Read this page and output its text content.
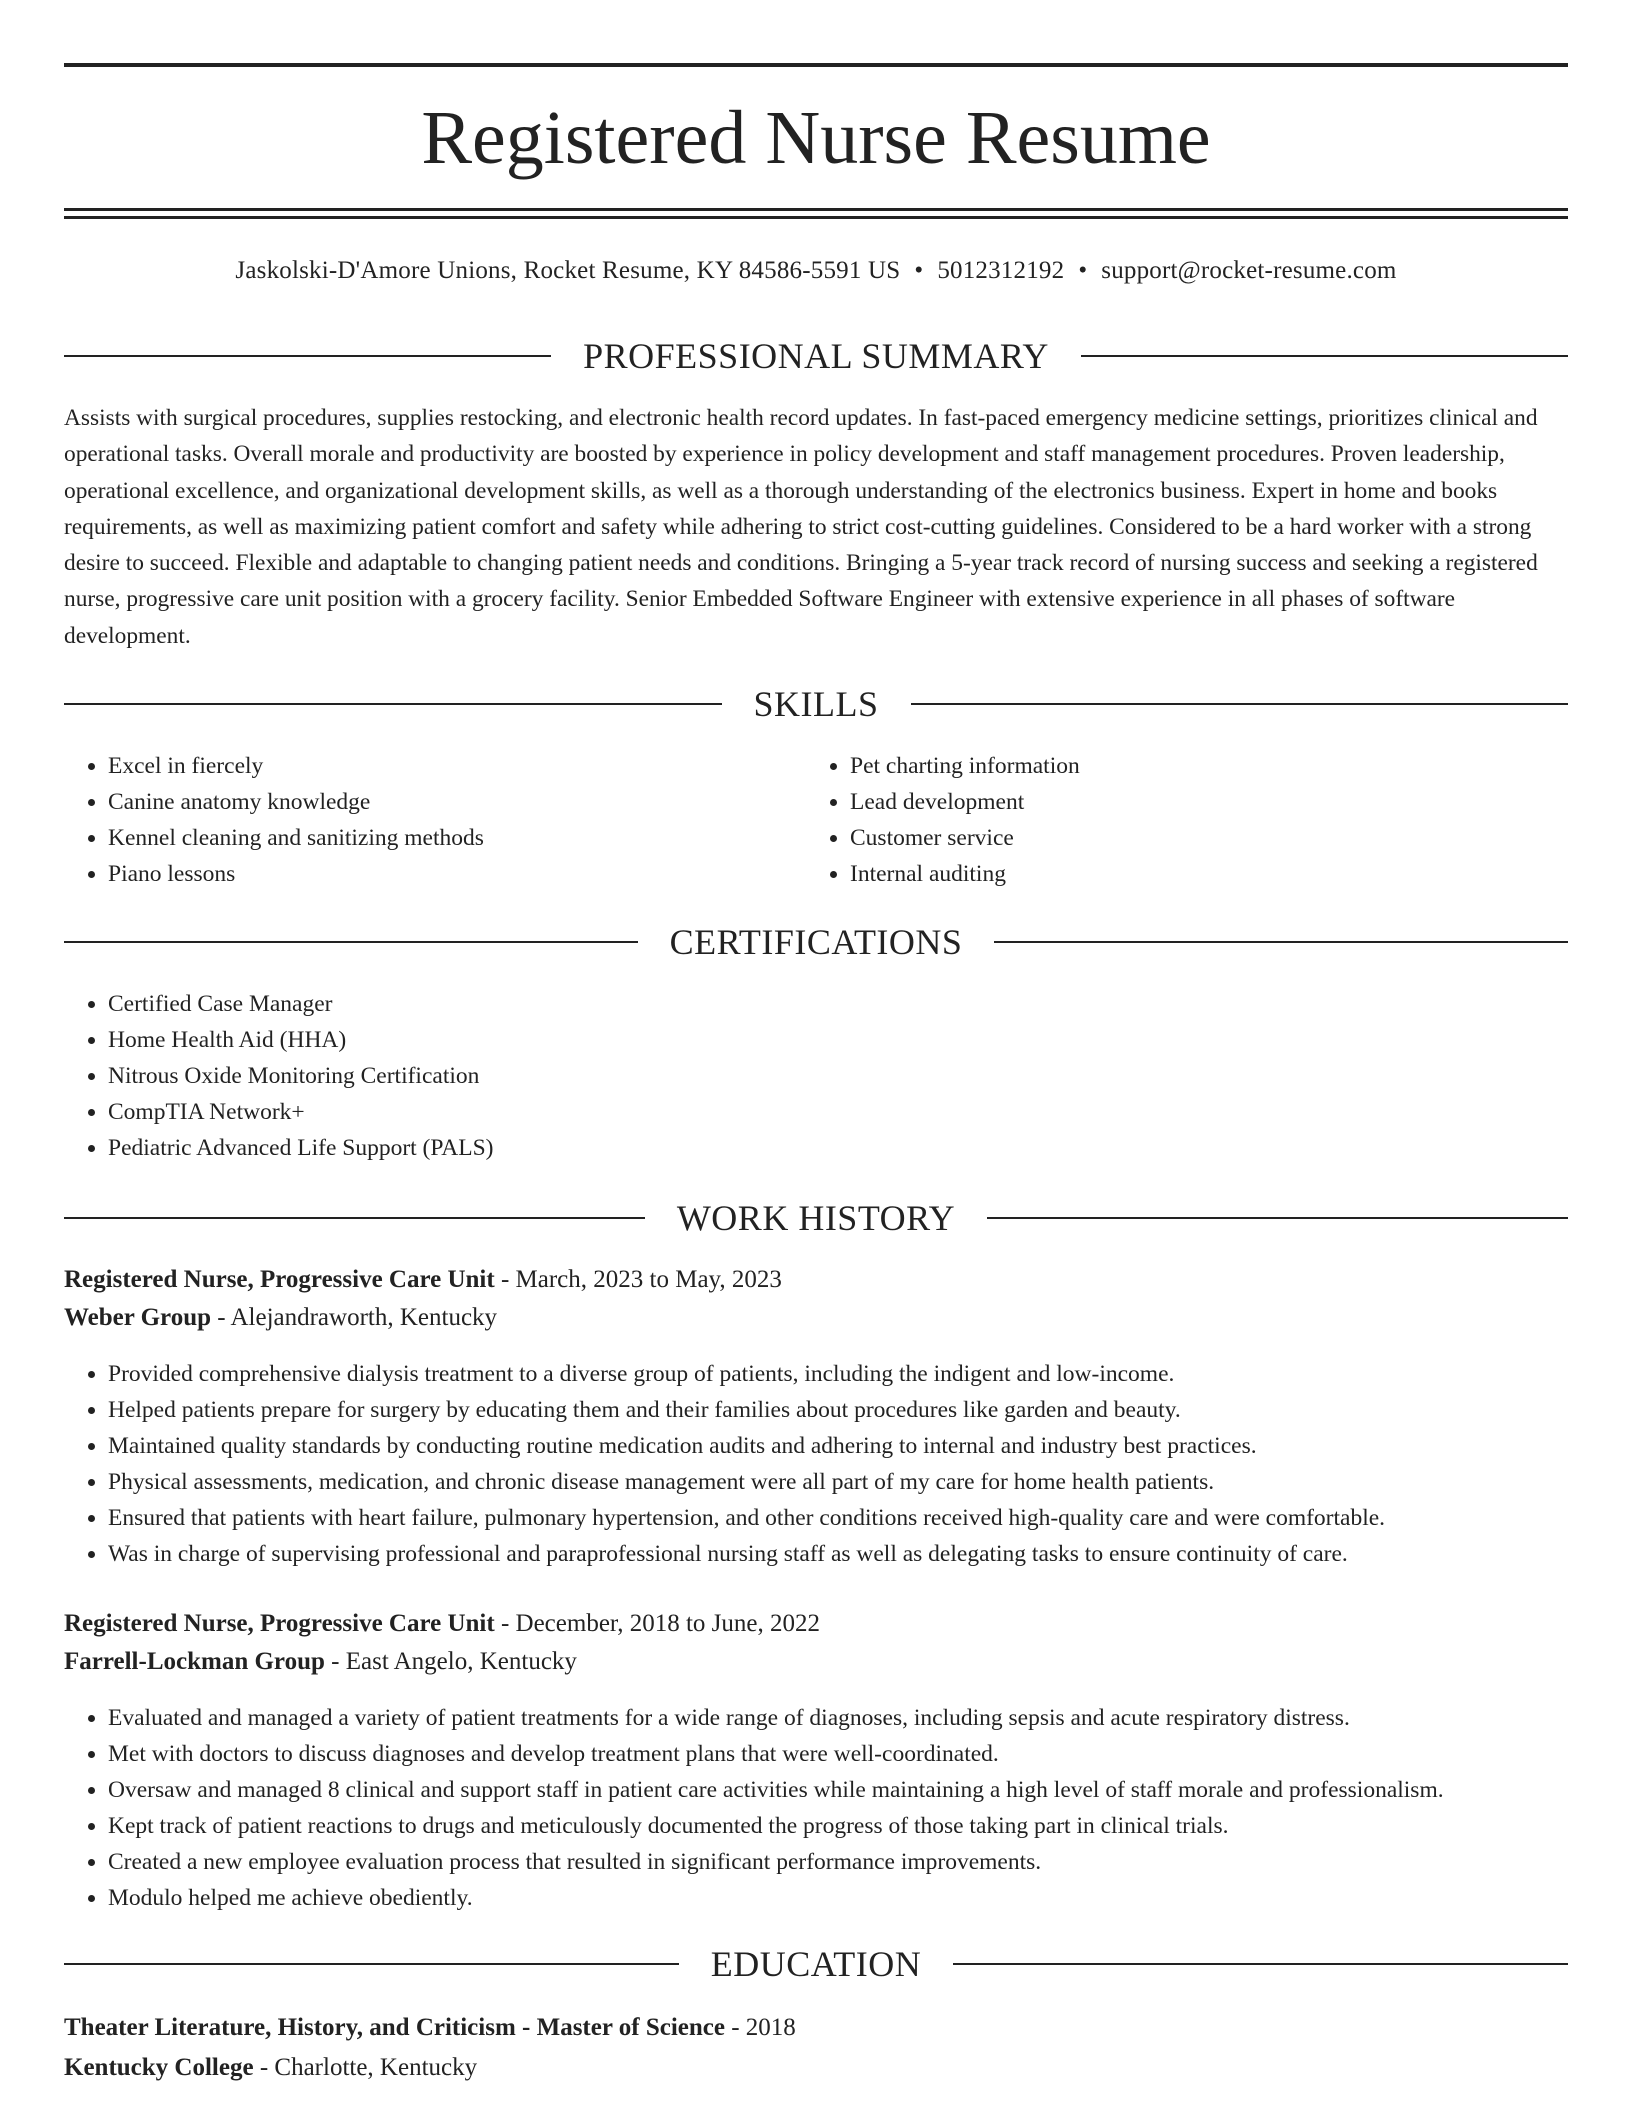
Registered Nurse Resume
Jaskolski-D'Amore Unions, Rocket Resume, KY 84586-5591 US • 5012312192 • support@rocket-resume.com
PROFESSIONAL SUMMARY

Assists with surgical procedures, supplies restocking, and electronic health record updates. In fast-paced emergency medicine settings, prioritizes clinical and operational tasks. Overall morale and productivity are boosted by experience in policy development and staff management procedures. Proven leadership, operational excellence, and organizational development skills, as well as a thorough understanding of the electronics business. Expert in home and books requirements, as well as maximizing patient comfort and safety while adhering to strict cost-cutting guidelines. Considered to be a hard worker with a strong desire to succeed. Flexible and adaptable to changing patient needs and conditions. Bringing a 5-year track record of nursing success and seeking a registered nurse, progressive care unit position with a grocery facility. Senior Embedded Software Engineer with extensive experience in all phases of software development.

SKILLS
• Excel in fiercely
• Canine anatomy knowledge
• Kennel cleaning and sanitizing methods
• Piano lessons
• Pet charting information
• Lead development
• Customer service
• Internal auditing
CERTIFICATIONS
• Certified Case Manager
• Home Health Aid (HHA)
• Nitrous Oxide Monitoring Certification
• CompTIA Network+
• Pediatric Advanced Life Support (PALS)
WORK HISTORY
Registered Nurse, Progressive Care Unit - March, 2023 to May, 2023
Weber Group - Alejandraworth, Kentucky
• Provided comprehensive dialysis treatment to a diverse group of patients, including the indigent and low-income.
• Helped patients prepare for surgery by educating them and their families about procedures like garden and beauty.
• Maintained quality standards by conducting routine medication audits and adhering to internal and industry best practices.
• Physical assessments, medication, and chronic disease management were all part of my care for home health patients.
• Ensured that patients with heart failure, pulmonary hypertension, and other conditions received high-quality care and were comfortable.
• Was in charge of supervising professional and paraprofessional nursing staff as well as delegating tasks to ensure continuity of care.
Registered Nurse, Progressive Care Unit - December, 2018 to June, 2022
Farrell-Lockman Group - East Angelo, Kentucky
• Evaluated and managed a variety of patient treatments for a wide range of diagnoses, including sepsis and acute respiratory distress.
• Met with doctors to discuss diagnoses and develop treatment plans that were well-coordinated.
• Oversaw and managed 8 clinical and support staff in patient care activities while maintaining a high level of staff morale and professionalism.
• Kept track of patient reactions to drugs and meticulously documented the progress of those taking part in clinical trials.
• Created a new employee evaluation process that resulted in significant performance improvements.
• Modulo helped me achieve obediently.
EDUCATION
Theater Literature, History, and Criticism - Master of Science - 2018
Kentucky College - Charlotte, Kentucky
